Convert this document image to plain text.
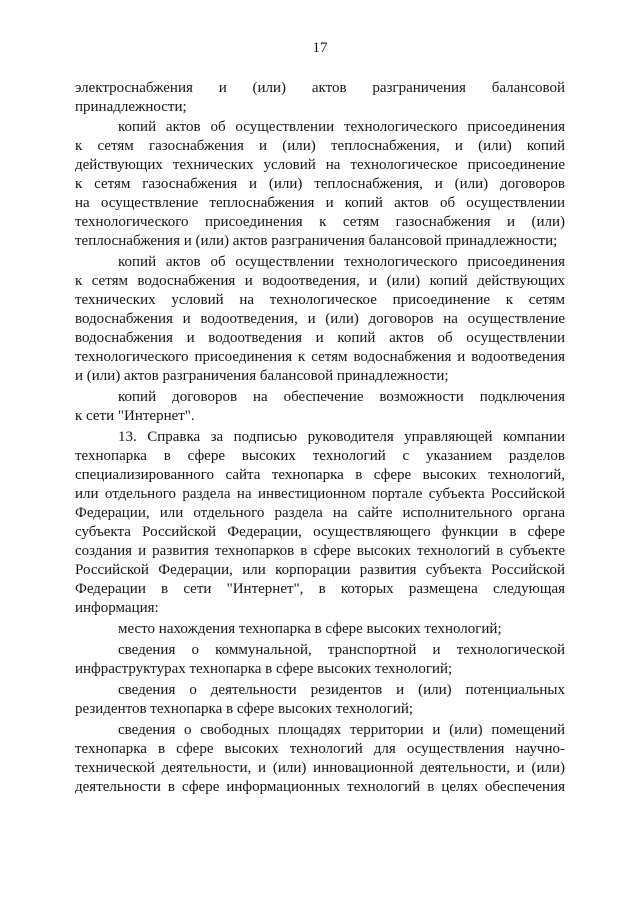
17
электроснабжения и (или) актов разграничения балансовой
принадлежности;
копий актов об осуществлении технологического присоединения
к сетям газоснабжения и (или) теплоснабжения, и (или) копий
действующих технических условий на технологическое присоединение
к сетям газоснабжения и (или) теплоснабжения, и (или) договоров
на осуществление теплоснабжения и копий актов об осуществлении
технологического присоединения к сетям газоснабжения и (или)
теплоснабжения и (или) актов разграничения балансовой принадлежности;
копий актов об осуществлении технологического присоединения
к сетям водоснабжения и водоотведения, и (или) копий действующих
технических условий на технологическое присоединение к сетям
водоснабжения и водоотведения, и (или) договоров на осуществление
водоснабжения и водоотведения и копий актов об осуществлении
технологического присоединения к сетям водоснабжения и водоотведения
и (или) актов разграничения балансовой принадлежности;
копий договоров на обеспечение возможности подключения
к сети "Интернет".
13. Справка за подписью руководителя управляющей компании
технопарка в сфере высоких технологий с указанием разделов
специализированного сайта технопарка в сфере высоких технологий,
или отдельного раздела на инвестиционном портале субъекта Российской
Федерации, или отдельного раздела на сайте исполнительного органа
субъекта Российской Федерации, осуществляющего функции в сфере
создания и развития технопарков в сфере высоких технологий в субъекте
Российской Федерации, или корпорации развития субъекта Российской
Федерации в сети "Интернет", в которых размещена следующая
информация:
место нахождения технопарка в сфере высоких технологий;
сведения о коммунальной, транспортной и технологической
инфраструктурах технопарка в сфере высоких технологий;
сведения о деятельности резидентов и (или) потенциальных
резидентов технопарка в сфере высоких технологий;
сведения о свободных площадях территории и (или) помещений
технопарка в сфере высоких технологий для осуществления научно-
технической деятельности, и (или) инновационной деятельности, и (или)
деятельности в сфере информационных технологий в целях обеспечения
